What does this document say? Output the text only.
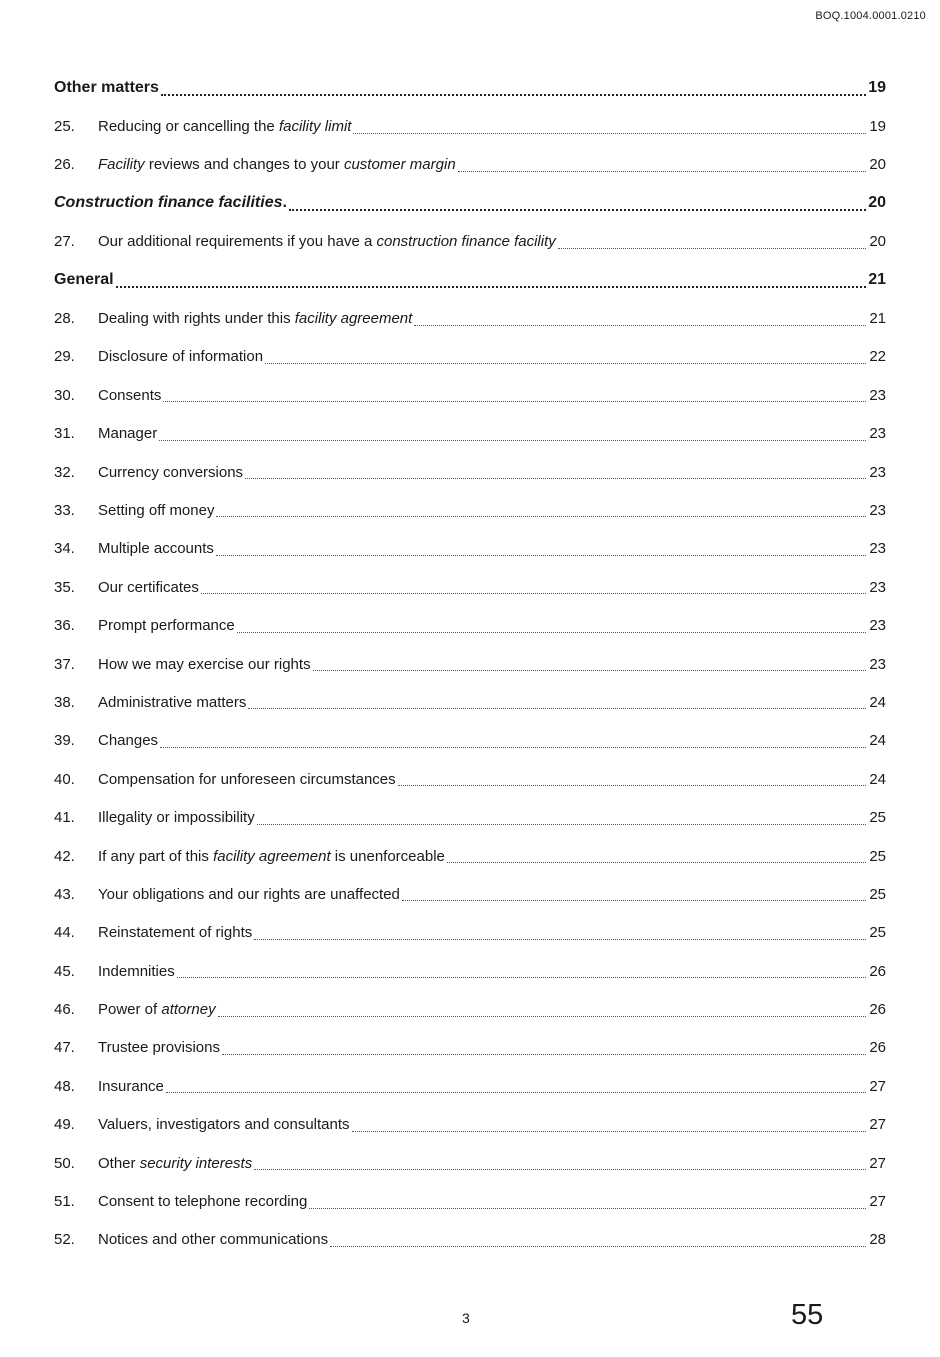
BOQ.1004.0001.0210
Other matters	19
25.	Reducing or cancelling the facility limit	19
26.	Facility reviews and changes to your customer margin	20
Construction finance facilities.	20
27.	Our additional requirements if you have a construction finance facility	20
General	21
28.	Dealing with rights under this facility agreement	21
29.	Disclosure of information	22
30.	Consents	23
31.	Manager	23
32.	Currency conversions	23
33.	Setting off money	23
34.	Multiple accounts	23
35.	Our certificates	23
36.	Prompt performance	23
37.	How we may exercise our rights	23
38.	Administrative matters	24
39.	Changes	24
40.	Compensation for unforeseen circumstances	24
41.	Illegality or impossibility	25
42.	If any part of this facility agreement is unenforceable	25
43.	Your obligations and our rights are unaffected	25
44.	Reinstatement of rights	25
45.	Indemnities	26
46.	Power of attorney	26
47.	Trustee provisions	26
48.	Insurance	27
49.	Valuers, investigators and consultants	27
50.	Other security interests	27
51.	Consent to telephone recording	27
52.	Notices and other communications	28
3	55
